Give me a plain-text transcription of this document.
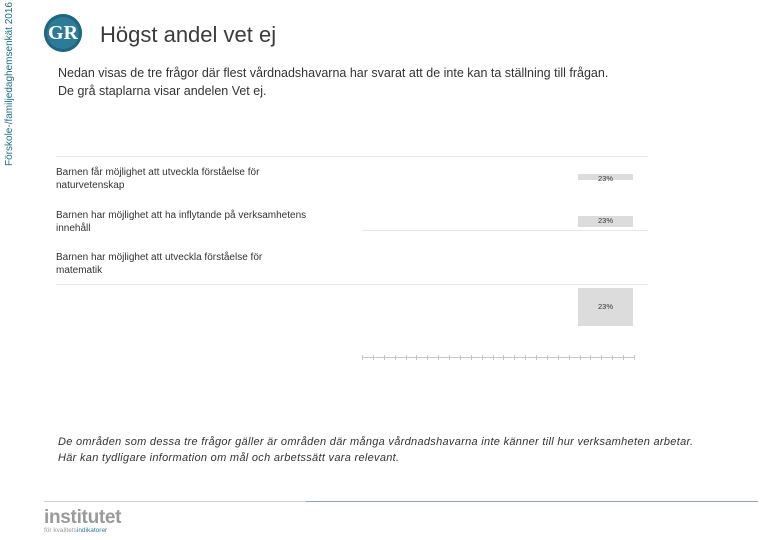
Förskole-/familjedaghemsenkät 2016 GR Högst andel vet ej

Nedan visas de tre frågor där flest vårdnadshavarna har svarat att de inte kan ta ställning till frågan.

De grå staplarna visar andelen Vet ej.

Barnen får möjlighet att utveckla förståelse för
naturvetenskap
Barnen har möjlighet att ha inflytande på verksamhetens
innehåll
Barnen har möjlighet att utveckla förståelse för
matematik
23%
23%
23%

De områden som dessa tre frågor gäller är områden där många vårdnadshavarna inte känner till hur verksamheten arbetar.

Här kan tydligare information om mål och arbetssätt vara relevant.

institutet
för kvalitetsindikatorer
